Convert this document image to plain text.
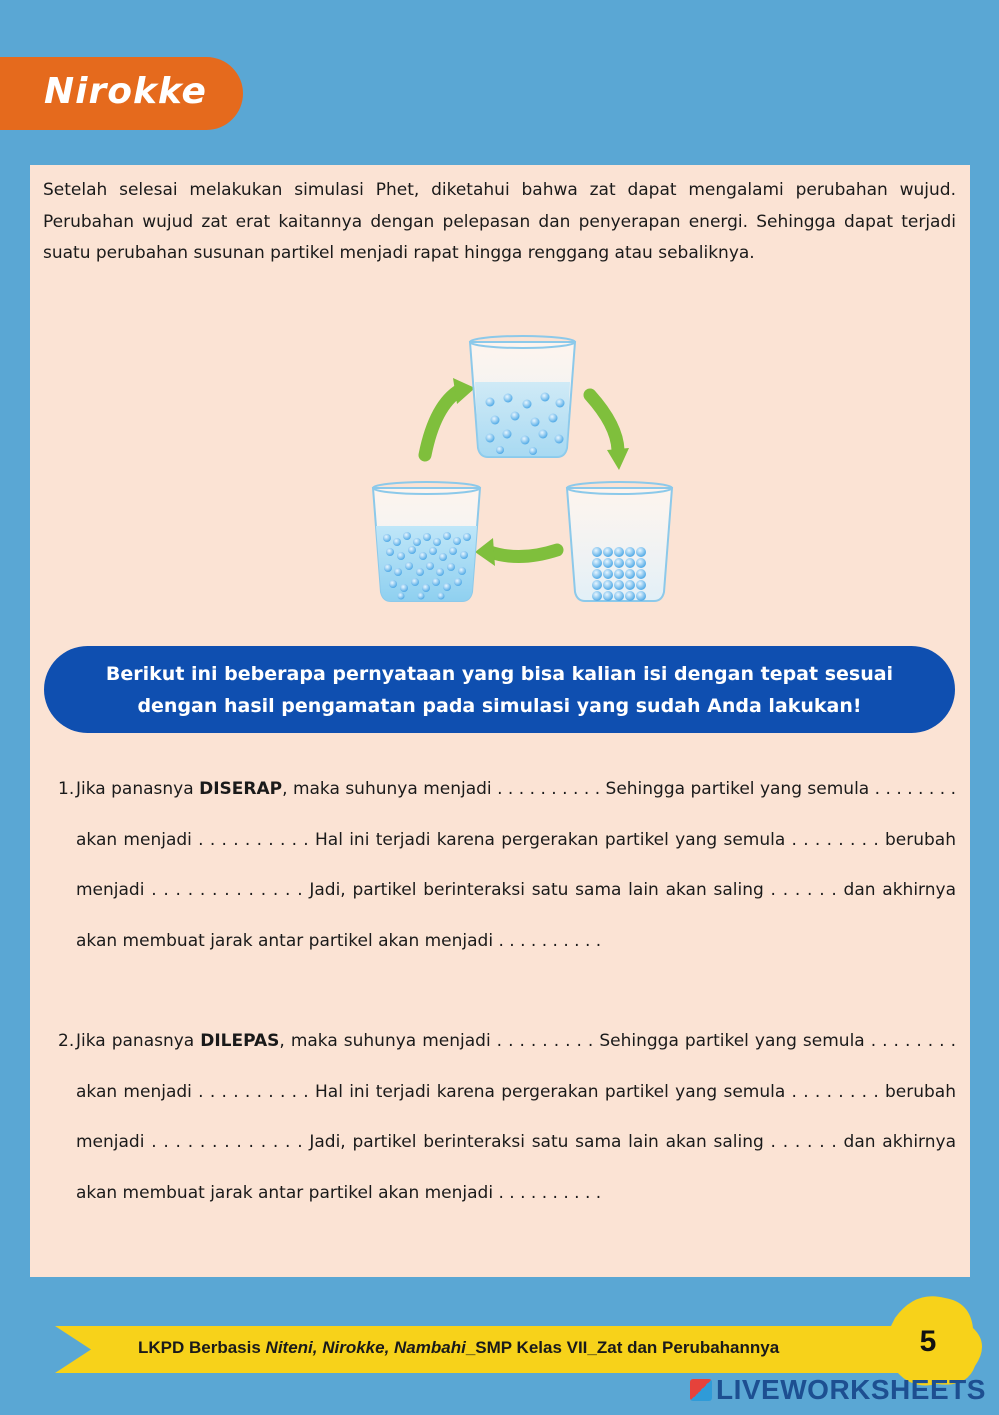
Nirokke

Setelah selesai melakukan simulasi Phet, diketahui bahwa zat dapat mengalami perubahan wujud. Perubahan wujud zat erat kaitannya dengan pelepasan dan penyerapan energi. Sehingga dapat terjadi suatu perubahan susunan partikel menjadi rapat hingga renggang atau sebaliknya.

Berikut ini beberapa pernyataan yang bisa kalian isi dengan tepat sesuai dengan hasil pengamatan pada simulasi yang sudah Anda lakukan!

1. Jika panasnya DISERAP, maka suhunya menjadi . . . . . . . . . . Sehingga partikel yang semula . . . . . . . . akan menjadi . . . . . . . . . . Hal ini terjadi karena pergerakan partikel yang semula . . . . . . . . berubah menjadi . . . . . . . . . . . . . Jadi, partikel berinteraksi satu sama lain akan saling . . . . . . dan akhirnya akan membuat jarak antar partikel akan menjadi . . . . . . . . . .

2. Jika panasnya DILEPAS, maka suhunya menjadi . . . . . . . . . Sehingga partikel yang semula . . . . . . . . akan menjadi . . . . . . . . . . Hal ini terjadi karena pergerakan partikel yang semula . . . . . . . . berubah menjadi . . . . . . . . . . . . . Jadi, partikel berinteraksi satu sama lain akan saling . . . . . . dan akhirnya akan membuat jarak antar partikel akan menjadi . . . . . . . . . .

LKPD Berbasis Niteni, Nirokke, Nambahi_SMP Kelas VII_Zat dan Perubahannya	5
LIVEWORKSHEETS
